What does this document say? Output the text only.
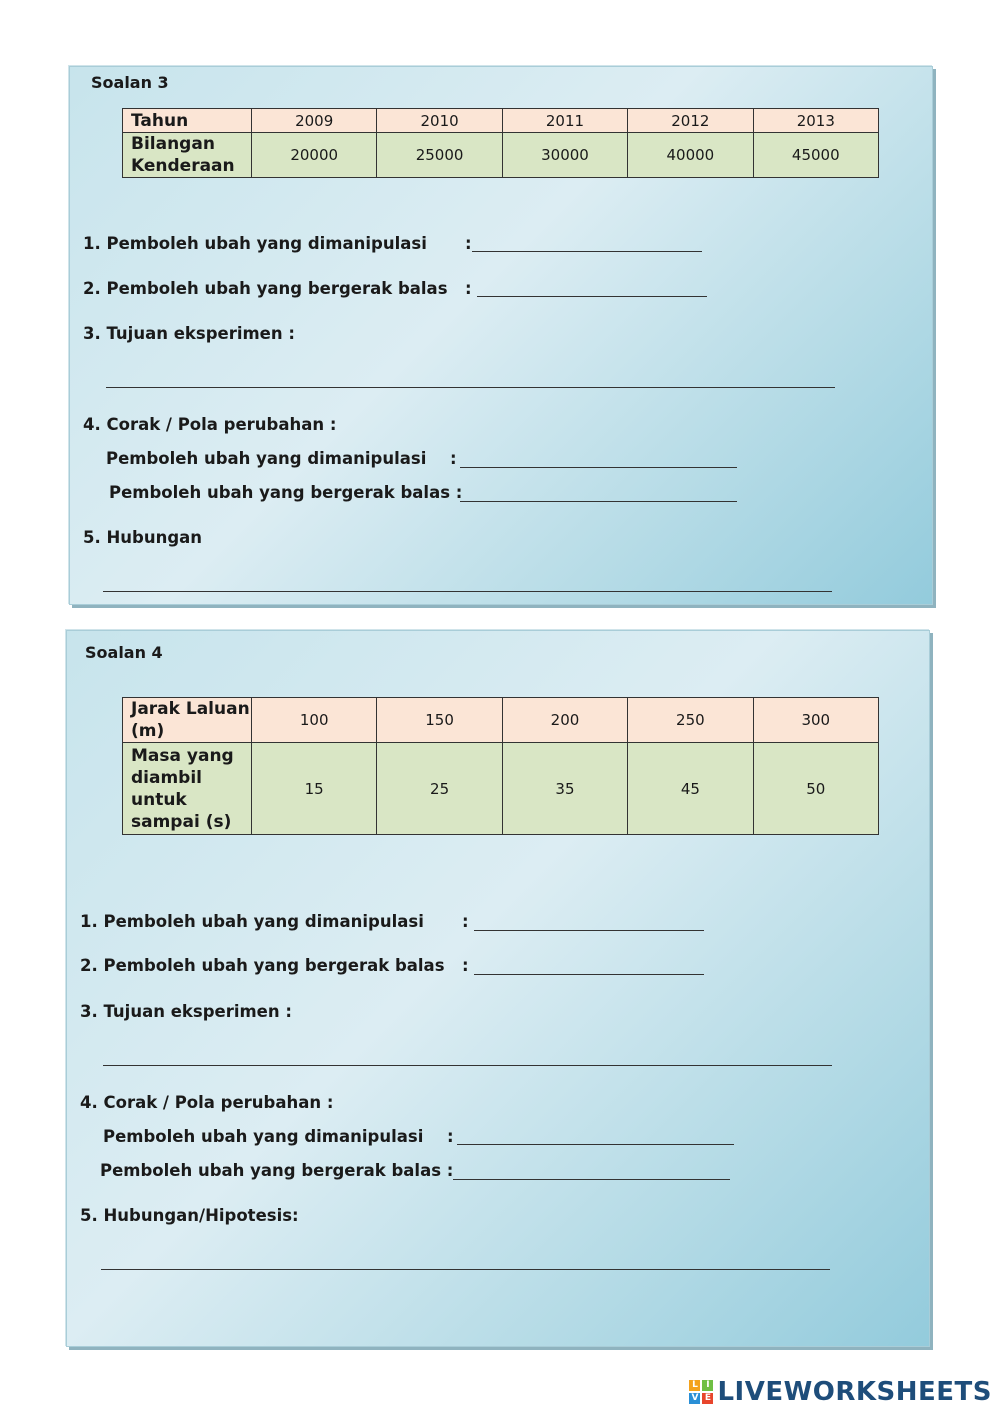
Soalan 3
Tahun	2009	2010	2011	2012	2013
Bilangan Kenderaan	20000	25000	30000	40000	45000
1. Pemboleh ubah yang dimanipulasi :
2. Pemboleh ubah yang bergerak balas :
3. Tujuan eksperimen :
4. Corak / Pola perubahan :
Pemboleh ubah yang dimanipulasi :
Pemboleh ubah yang bergerak balas :
5. Hubungan
Soalan 4
Jarak Laluan (m)	100	150	200	250	300
Masa yang diambil untuk sampai (s)	15	25	35	45	50
1. Pemboleh ubah yang dimanipulasi :
2. Pemboleh ubah yang bergerak balas :
3. Tujuan eksperimen :
4. Corak / Pola perubahan :
Pemboleh ubah yang dimanipulasi :
Pemboleh ubah yang bergerak balas :
5. Hubungan/Hipotesis:
L I
V E LIVEWORKSHEETS
